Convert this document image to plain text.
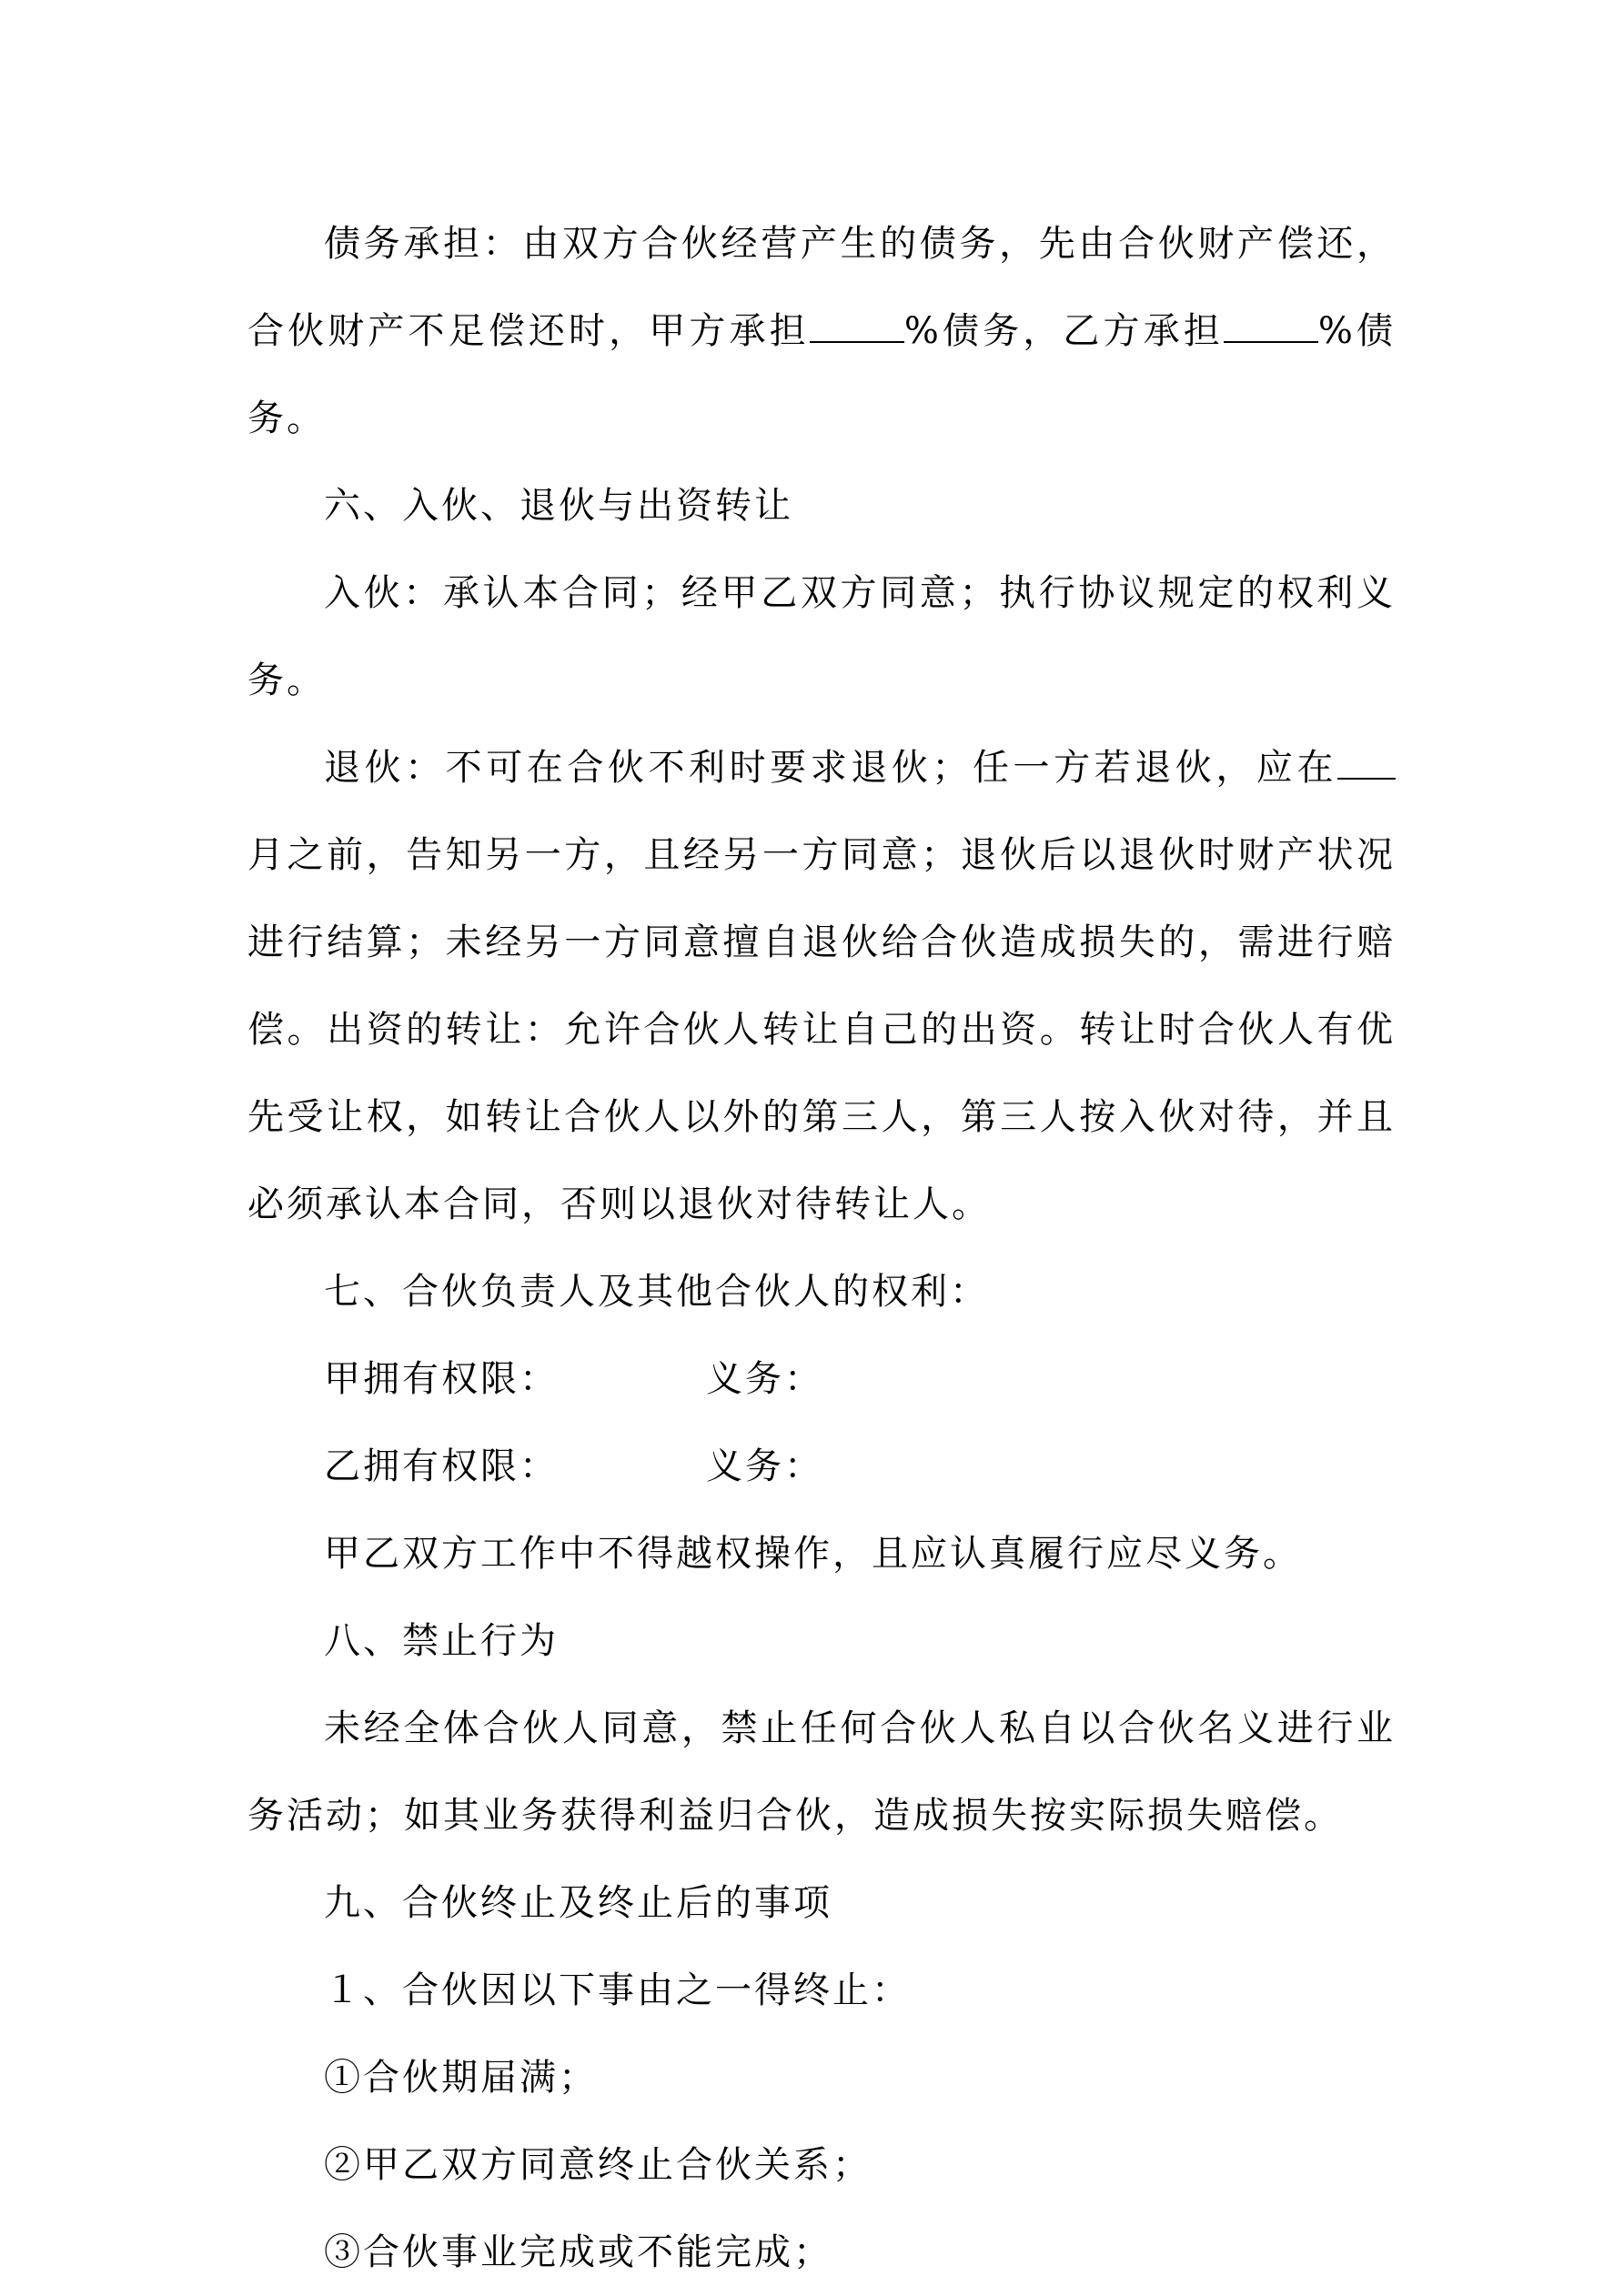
债务承担：由双方合伙经营产生的债务，先由合伙财产偿还，合伙财产不足偿还时，甲方承担	%债务，乙方承担	%债务。

六、入伙、退伙与出资转让

入伙：承认本合同；经甲乙双方同意；执行协议规定的权利义务。

退伙：不可在合伙不利时要求退伙；任一方若退伙，应在月之前，告知另一方，且经另一方同意；退伙后以退伙时财产状况进行结算；未经另一方同意擅自退伙给合伙造成损失的，需进行赔偿。出资的转让：允许合伙人转让自己的出资。转让时合伙人有优先受让权，如转让合伙人以外的第三人，第三人按入伙对待，并且必须承认本合同，否则以退伙对待转让人。

七、合伙负责人及其他合伙人的权利：

甲拥有权限：	义务：
乙拥有权限：	义务：

甲乙双方工作中不得越权操作，且应认真履行应尽义务。

八、禁止行为

未经全体合伙人同意，禁止任何合伙人私自以合伙名义进行业务活动；如其业务获得利益归合伙，造成损失按实际损失赔偿。

九、合伙终止及终止后的事项

１、合伙因以下事由之一得终止：

①合伙期届满；

②甲乙双方同意终止合伙关系；

③合伙事业完成或不能完成；
